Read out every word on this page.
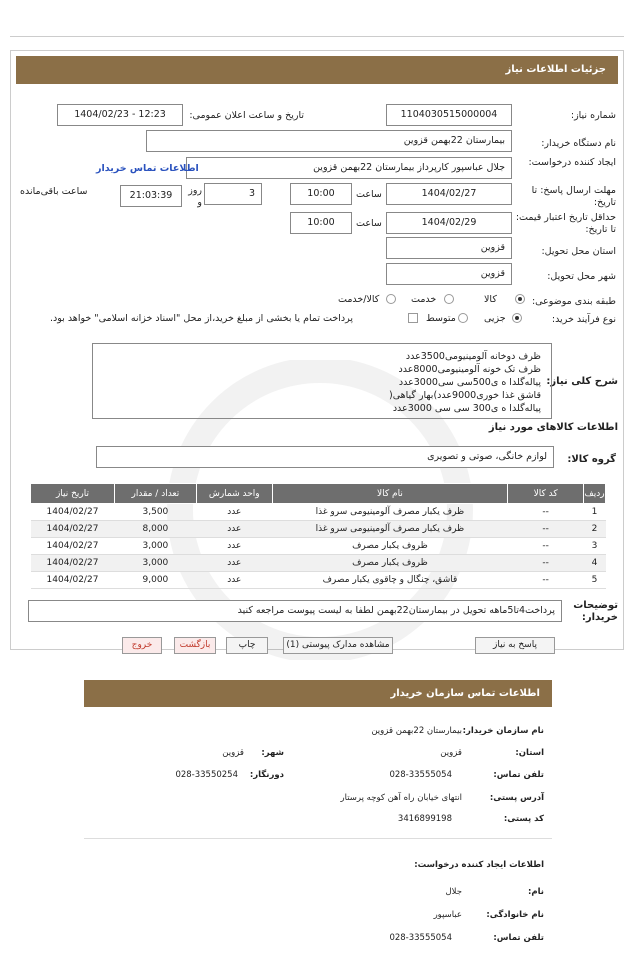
جزئیات اطلاعات نیاز
شماره نیاز:
1104030515000004
تاریخ و ساعت اعلان عمومی:
1404/02/23 - 12:23
نام دستگاه خریدار:
بیمارستان 22بهمن قزوین
ایجاد کننده درخواست:
جلال عباسپور کارپرداز بیمارستان 22بهمن قزوین
اطلاعات تماس خریدار
مهلت ارسال پاسخ: تا تاریخ:
1404/02/27
ساعت
10:00
3
روز و
21:03:39
ساعت باقی‌مانده
حداقل تاریخ اعتبار قیمت: تا تاریخ:
1404/02/29
ساعت
10:00
استان محل تحویل:
قزوین
شهر محل تحویل:
قزوین
طبقه بندی موضوعی:
کالا
خدمت
کالا/خدمت
نوع فرآیند خرید:
جزیی
متوسط
پرداخت تمام یا بخشی از مبلغ خرید،از محل "اسناد خزانه اسلامی" خواهد بود.
شرح کلی نیاز:
ظرف دوخانه آلومینیومی3500عدد
ظرف تک خونه آلومینیومی8000عدد
پیاله‌گلدا ه ی500سی سی3000عدد
قاشق غذا خوری9000عدد)بهار گیاهی(
پیاله‌گلدا ه ی300 سی سی 3000عدد
اطلاعات کالاهای مورد نیاز
گروه کالا:
لوازم خانگی، صوتی و تصویری
ردیف	کد کالا	نام کالا	واحد شمارش	تعداد / مقدار	تاریخ نیاز
1	--	ظرف یکبار مصرف آلومینیومی سرو غذا	عدد	3,500	1404/02/27
2	--	ظرف یکبار مصرف آلومینیومی سرو غذا	عدد	8,000	1404/02/27
3	--	ظروف یکبار مصرف	عدد	3,000	1404/02/27
4	--	ظروف یکبار مصرف	عدد	3,000	1404/02/27
5	--	قاشق، چنگال و چاقوی یکبار مصرف	عدد	9,000	1404/02/27
توضیحات خریدار:
پرداخت4تا5ماهه تحویل در بیمارستان22بهمن لطفا به لیست پیوست مراجعه کنید
پاسخ به نیاز
مشاهده مدارک پیوستی (1)
چاپ
بازگشت
خروج
اطلاعات تماس سازمان خریدار
نام سازمان خریدار:
بیمارستان 22بهمن قزوین
استان:
قزوین
شهر:
قزوین
تلفن تماس:
028-33555054
دورنگار:
028-33550254
آدرس پستی:
انتهای خیابان راه آهن کوچه پرستار
کد پستی:
3416899198
اطلاعات ایجاد کننده درخواست:
نام:
جلال
نام خانوادگی:
عباسپور
تلفن تماس:
028-33555054
